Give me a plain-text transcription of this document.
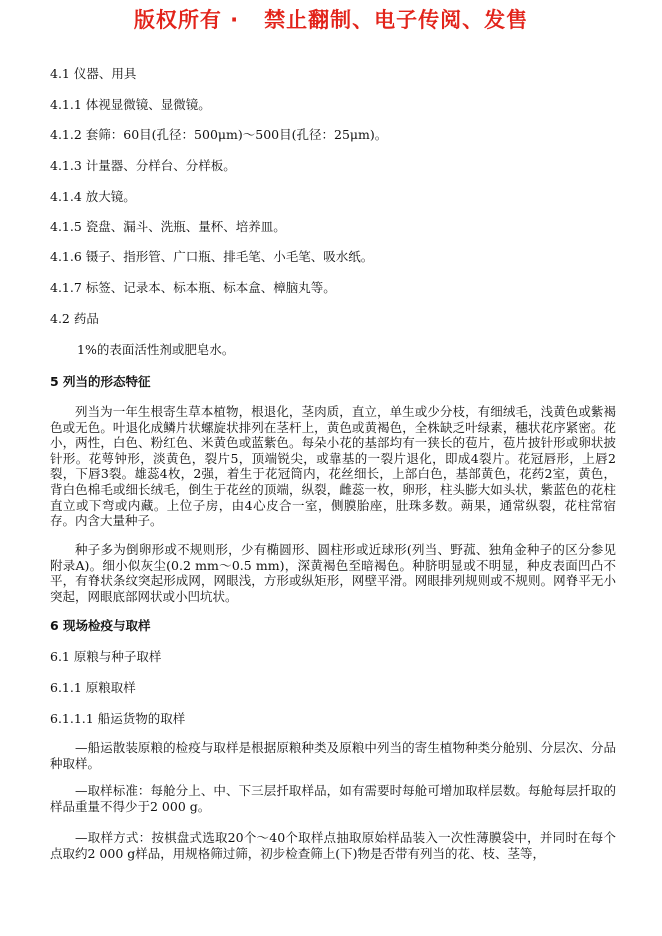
版权所有 ·   禁止翻制、电子传阅、发售
4.1 仪器、用具
4.1.1 体视显微镜、显微镜。
4.1.2 套筛：60目(孔径：500μm)～500目(孔径：25μm)。
4.1.3 计量器、分样台、分样板。
4.1.4 放大镜。
4.1.5 瓷盘、漏斗、洗瓶、量杯、培养皿。
4.1.6 镊子、指形管、广口瓶、排毛笔、小毛笔、吸水纸。
4.1.7 标签、记录本、标本瓶、标本盒、樟脑丸等。
4.2 药品
1%的表面活性剂或肥皂水。
5 列当的形态特征
列当为一年生根寄生草本植物，根退化，茎肉质，直立，单生或少分枝，有细绒毛，浅黄色或紫褐色或无色。叶退化成鳞片状螺旋状排列在茎杆上，黄色或黄褐色，全株缺乏叶绿素，穗状花序紧密。花小，两性，白色、粉红色、米黄色或蓝紫色。每朵小花的基部均有一狭长的苞片，苞片披针形或卵状披针形。花萼钟形，淡黄色，裂片5，顶端锐尖，或靠基的一裂片退化，即成4裂片。花冠唇形，上唇2裂，下唇3裂。雄蕊4枚，2强，着生于花冠筒内，花丝细长，上部白色，基部黄色，花药2室，黄色，背白色棉毛或细长绒毛，倒生于花丝的顶端，纵裂，雌蕊一枚，卵形，柱头膨大如头状，紫蓝色的花柱直立或下弯或内藏。上位子房，由4心皮合一室，侧膜胎座，肚珠多数。蒴果，通常纵裂，花柱常宿存。内含大量种子。
种子多为倒卵形或不规则形，少有椭圆形、圆柱形或近球形(列当、野菰、独角金种子的区分参见附录A)。细小似灰尘(0.2 mm～0.5 mm)，深黄褐色至暗褐色。种脐明显或不明显，种皮表面凹凸不平，有脊状条纹突起形成网，网眼浅，方形或纵矩形，网壁平滑。网眼排列规则或不规则。网脊平无小突起，网眼底部网状或小凹坑状。
6 现场检疫与取样
6.1 原粮与种子取样
6.1.1 原粮取样
6.1.1.1 船运货物的取样
—船运散装原粮的检疫与取样是根据原粮种类及原粮中列当的寄生植物种类分舱别、分层次、分品种取样。
—取样标准：每舱分上、中、下三层扦取样品，如有需要时每舱可增加取样层数。每舱每层扦取的样品重量不得少于2 000 g。
—取样方式：按棋盘式选取20个～40个取样点抽取原始样品装入一次性薄膜袋中，并同时在每个点取约2 000 g样品，用规格筛过筛，初步检查筛上(下)物是否带有列当的花、枝、茎等，
